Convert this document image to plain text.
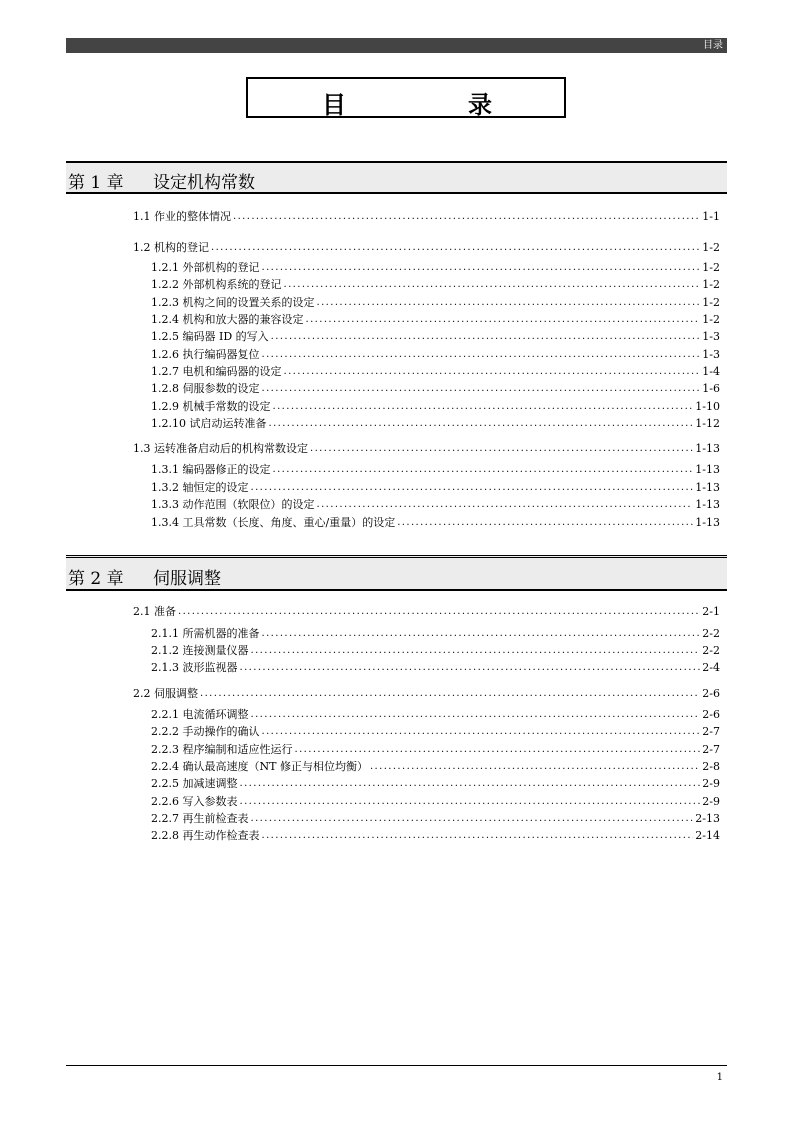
目录
目	录
第 1 章 设定机构常数
1.1 作业的整体情况 .....	1-1
1.2 机构的登记 .....	1-2
1.2.1 外部机构的登记 .....	1-2
1.2.2 外部机构系统的登记 .....	1-2
1.2.3 机构之间的设置关系的设定 .....	1-2
1.2.4 机构和放大器的兼容设定 .....	1-2
1.2.5 编码器 ID 的写入 .....	1-3
1.2.6 执行编码器复位 .....	1-3
1.2.7 电机和编码器的设定 .....	1-4
1.2.8 伺服参数的设定 .....	1-6
1.2.9 机械手常数的设定 .....	1-10
1.2.10 试启动运转准备 .....	1-12
1.3 运转准备启动后的机构常数设定 .....	1-13
1.3.1 编码器修正的设定 .....	1-13
1.3.2 轴恒定的设定 .....	1-13
1.3.3 动作范围（软限位）的设定 .....	1-13
1.3.4 工具常数（长度、角度、重心/重量）的设定 .....	1-13
第 2 章 伺服调整
2.1 准备 .....	2-1
2.1.1 所需机器的准备 .....	2-2
2.1.2 连接测量仪器 .....	2-2
2.1.3 波形监视器 .....	2-4
2.2 伺服调整 .....	2-6
2.2.1 电流循环调整 .....	2-6
2.2.2 手动操作的确认 .....	2-7
2.2.3 程序编制和适应性运行 .....	2-7
2.2.4 确认最高速度（NT 修正与相位均衡） .....	2-8
2.2.5 加减速调整 .....	2-9
2.2.6 写入参数表 .....	2-9
2.2.7 再生前检查表 .....	2-13
2.2.8 再生动作检查表 .....	2-14
1
